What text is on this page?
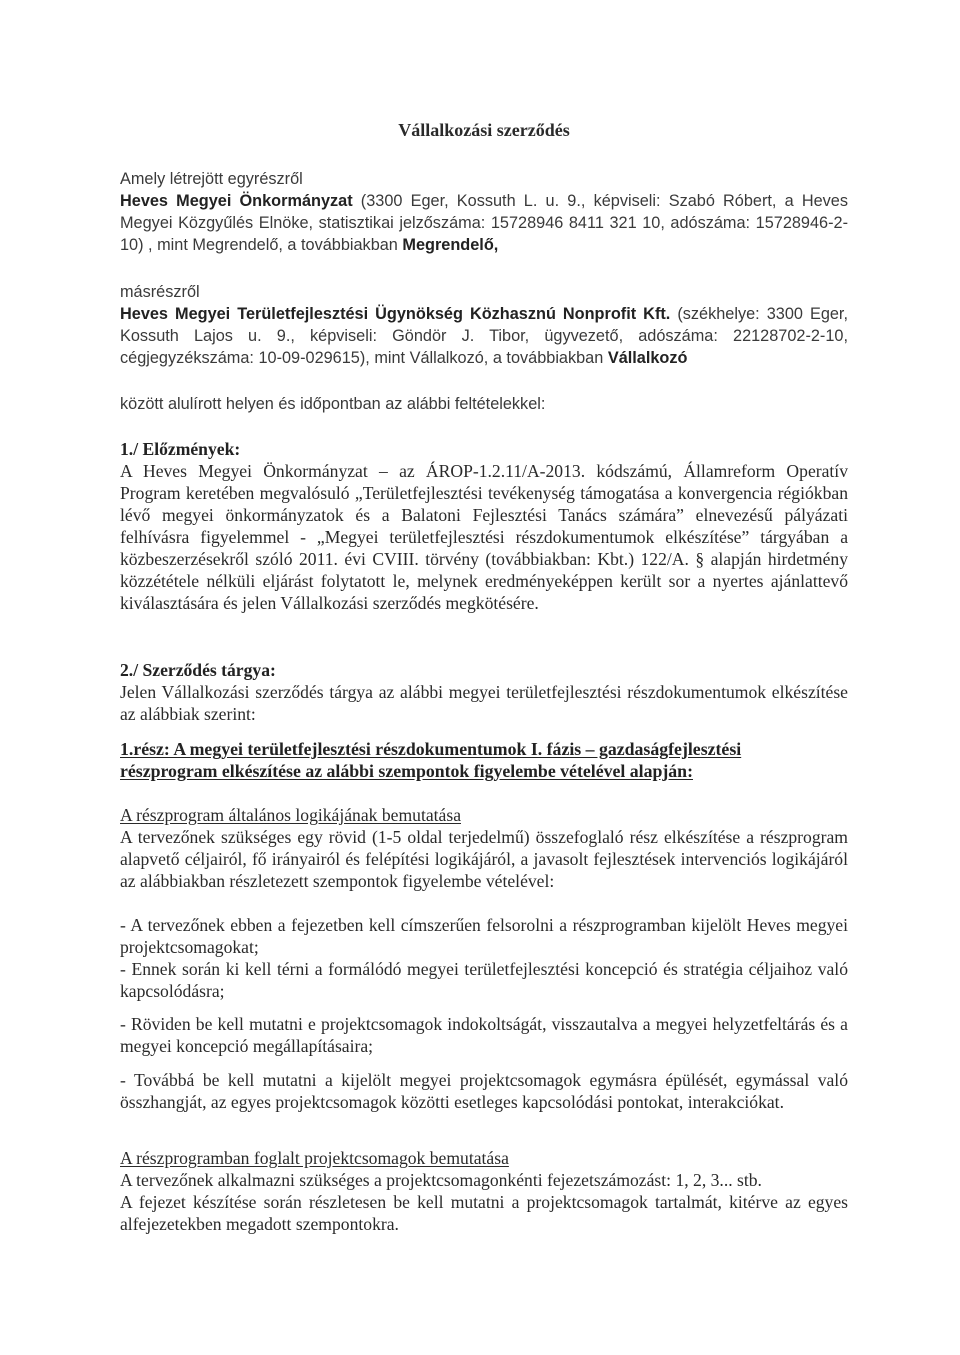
Vállalkozási szerződés
Amely létrejött egyrészről

Heves Megyei Önkormányzat (3300 Eger, Kossuth L. u. 9., képviseli: Szabó Róbert, a Heves Megyei Közgyűlés Elnöke, statisztikai jelzőszáma: 15728946 8411 321 10, adószáma: 15728946-2-10) , mint Megrendelő, a továbbiakban Megrendelő,

másrészről

Heves Megyei Területfejlesztési Ügynökség Közhasznú Nonprofit Kft. (székhelye: 3300 Eger, Kossuth Lajos u. 9., képviseli: Göndör J. Tibor, ügyvezető, adószáma: 22128702-2-10, cégjegyzékszáma: 10-09-029615), mint Vállalkozó, a továbbiakban Vállalkozó

között alulírott helyen és időpontban az alábbi feltételekkel:
1./ Előzmények:

A Heves Megyei Önkormányzat – az ÁROP-1.2.11/A-2013. kódszámú, Államreform Operatív Program keretében megvalósuló „Területfejlesztési tevékenység támogatása a konvergencia régiókban lévő megyei önkormányzatok és a Balatoni Fejlesztési Tanács számára” elnevezésű pályázati felhívásra figyelemmel - „Megyei területfejlesztési részdokumentumok elkészítése” tárgyában a közbeszerzésekről szóló 2011. évi CVIII. törvény (továbbiakban: Kbt.) 122/A. § alapján hirdetmény közzététele nélküli eljárást folytatott le, melynek eredményeképpen került sor a nyertes ajánlattevő kiválasztására és jelen Vállalkozási szerződés megkötésére.

2./ Szerződés tárgya:

Jelen Vállalkozási szerződés tárgya az alábbi megyei területfejlesztési részdokumentumok elkészítése az alábbiak szerint:

1.rész: A megyei területfejlesztési részdokumentumok I. fázis – gazdaságfejlesztési
részprogram elkészítése az alábbi szempontok figyelembe vételével alapján:
A részprogram általános logikájának bemutatása

A tervezőnek szükséges egy rövid (1-5 oldal terjedelmű) összefoglaló rész elkészítése a részprogram alapvető céljairól, fő irányairól és felépítési logikájáról, a javasolt fejlesztések intervenciós logikájáról az alábbiakban részletezett szempontok figyelembe vételével:

- A tervezőnek ebben a fejezetben kell címszerűen felsorolni a részprogramban kijelölt Heves megyei projektcsomagokat;

- Ennek során ki kell térni a formálódó megyei területfejlesztési koncepció és stratégia céljaihoz való kapcsolódásra;

- Röviden be kell mutatni e projektcsomagok indokoltságát, visszautalva a megyei helyzetfeltárás és a megyei koncepció megállapításaira;

- Továbbá be kell mutatni a kijelölt megyei projektcsomagok egymásra épülését, egymással való összhangját, az egyes projektcsomagok közötti esetleges kapcsolódási pontokat, interakciókat.

A részprogramban foglalt projektcsomagok bemutatása
A tervezőnek alkalmazni szükséges a projektcsomagonkénti fejezetszámozást: 1, 2, 3... stb.

A fejezet készítése során részletesen be kell mutatni a projektcsomagok tartalmát, kitérve az egyes alfejezetekben megadott szempontokra.
